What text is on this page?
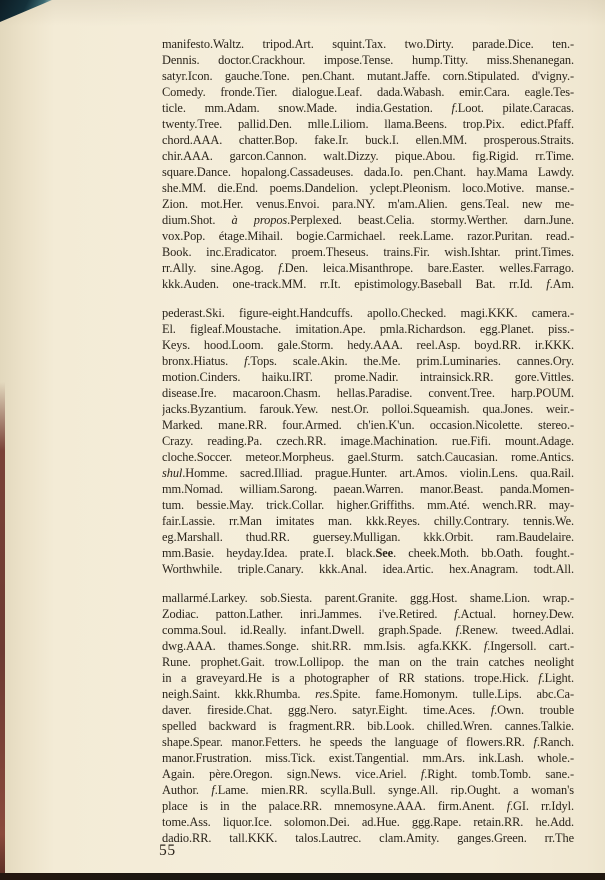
manifesto.Waltz. tripod.Art. squint.Tax. two.Dirty. parade.Dice. ten.-
Dennis. doctor.Crackhour. impose.Tense. hump.Titty. miss.Shenanegan.
satyr.Icon. gauche.Tone. pen.Chant. mutant.Jaffe. corn.Stipulated. d'vigny.-
Comedy. fronde.Tier. dialogue.Leaf. dada.Wabash. emir.Cara. eagle.Tes-
ticle. mm.Adam. snow.Made. india.Gestation. f.Loot. pilate.Caracas.
twenty.Tree. pallid.Den. mlle.Liliom. llama.Beens. trop.Pix. edict.Pfaff.
chord.AAA. chatter.Bop. fake.Ir. buck.I. ellen.MM. prosperous.Straits.
chir.AAA. garcon.Cannon. walt.Dizzy. pique.Abou. fig.Rigid. rr.Time.
square.Dance. hopalong.Cassadeuses. dada.Io. pen.Chant. hay.Mama Lawdy.
she.MM. die.End. poems.Dandelion. yclept.Pleonism. loco.Motive. manse.-
Zion. mot.Her. venus.Envoi. para.NY. m'am.Alien. gens.Teal. new me-
dium.Shot. à propos.Perplexed. beast.Celia. stormy.Werther. darn.June.
vox.Pop. étage.Mihail. bogie.Carmichael. reek.Lame. razor.Puritan. read.-
Book. inc.Eradicator. proem.Theseus. trains.Fir. wish.Ishtar. print.Times.
rr.Ally. sine.Agog. f.Den. leica.Misanthrope. bare.Easter. welles.Farrago.
kkk.Auden. one-track.MM. rr.It. epistimology.Baseball Bat. rr.Id. f.Am.
pederast.Ski. figure-eight.Handcuffs. apollo.Checked. magi.KKK. camera.-
El. figleaf.Moustache. imitation.Ape. pmla.Richardson. egg.Planet. piss.-
Keys. hood.Loom. gale.Storm. hedy.AAA. reel.Asp. boyd.RR. ir.KKK.
bronx.Hiatus. f.Tops. scale.Akin. the.Me. prim.Luminaries. cannes.Ory.
motion.Cinders. haiku.IRT. prome.Nadir. intrainsick.RR. gore.Vittles.
disease.Ire. macaroon.Chasm. hellas.Paradise. convent.Tree. harp.POUM.
jacks.Byzantium. farouk.Yew. nest.Or. polloi.Squeamish. qua.Jones. weir.-
Marked. mane.RR. four.Armed. ch'ien.K'un. occasion.Nicolette. stereo.-
Crazy. reading.Pa. czech.RR. image.Machination. rue.Fifi. mount.Adage.
cloche.Soccer. meteor.Morpheus. gael.Sturm. satch.Caucasian. rome.Antics.
shul.Homme. sacred.Illiad. prague.Hunter. art.Amos. violin.Lens. qua.Rail.
mm.Nomad. william.Sarong. paean.Warren. manor.Beast. panda.Momen-
tum. bessie.May. trick.Collar. higher.Griffiths. mm.Até. wench.RR. may-
fair.Lassie. rr.Man imitates man. kkk.Reyes. chilly.Contrary. tennis.We.
eg.Marshall. thud.RR. guersey.Mulligan. kkk.Orbit. ram.Baudelaire.
mm.Basie. heyday.Idea. prate.I. black.See. cheek.Moth. bb.Oath. fought.-
Worthwhile. triple.Canary. kkk.Anal. idea.Artic. hex.Anagram. todt.All.
mallarmé.Larkey. sob.Siesta. parent.Granite. ggg.Host. shame.Lion. wrap.-
Zodiac. patton.Lather. inri.Jammes. i've.Retired. f.Actual. horney.Dew.
comma.Soul. id.Really. infant.Dwell. graph.Spade. f.Renew. tweed.Adlai.
dwg.AAA. thames.Songe. shit.RR. mm.Isis. agfa.KKK. f.Ingersoll. cart.-
Rune. prophet.Gait. trow.Lollipop. the man on the train catches neolight
in a graveyard.He is a photographer of RR stations. trope.Hick. f.Light.
neigh.Saint. kkk.Rhumba. res.Spite. fame.Homonym. tulle.Lips. abc.Ca-
daver. fireside.Chat. ggg.Nero. satyr.Eight. time.Aces. f.Own. trouble
spelled backward is fragment.RR. bib.Look. chilled.Wren. cannes.Talkie.
shape.Spear. manor.Fetters. he speeds the language of flowers.RR. f.Ranch.
manor.Frustration. miss.Tick. exist.Tangential. mm.Ars. ink.Lash. whole.-
Again. père.Oregon. sign.News. vice.Ariel. f.Right. tomb.Tomb. sane.-
Author. f.Lame. mien.RR. scylla.Bull. synge.All. rip.Ought. a woman's
place is in the palace.RR. mnemosyne.AAA. firm.Anent. f.GI. rr.Idyl.
tome.Ass. liquor.Ice. solomon.Dei. ad.Hue. ggg.Rape. retain.RR. he.Add.
dadio.RR. tall.KKK. talos.Lautrec. clam.Amity. ganges.Green. rr.The
55
